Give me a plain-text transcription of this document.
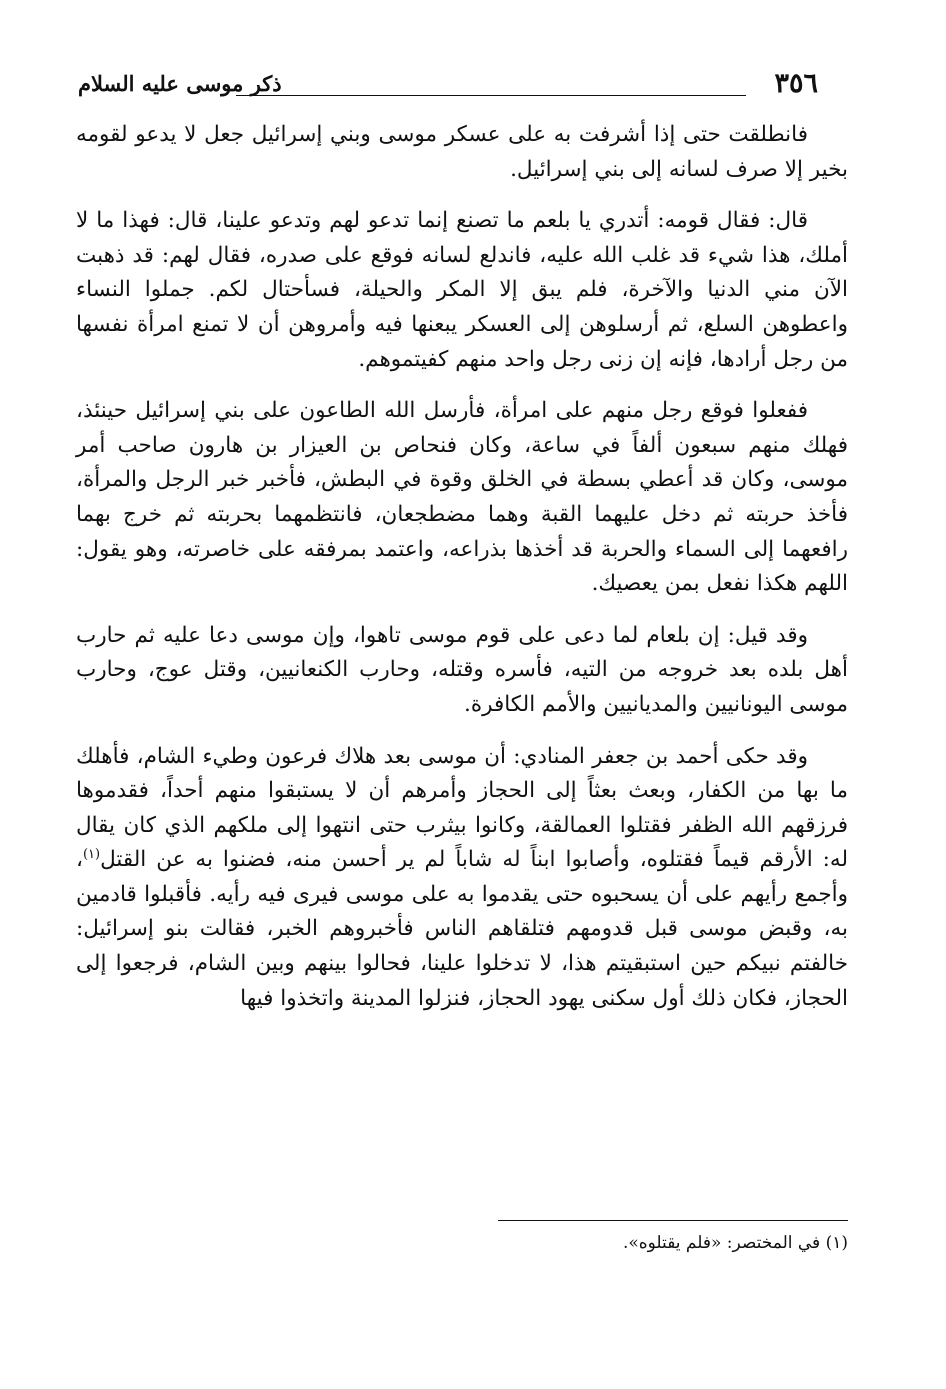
٣٥٦
ذكر موسى عليه السلام

فانطلقت حتى إذا أشرفت به على عسكر موسى وبني إسرائيل جعل لا يدعو لقومه بخير إلا صرف لسانه إلى بني إسرائيل.

قال: فقال قومه: أتدري يا بلعم ما تصنع إنما تدعو لهم وتدعو علينا، قال: فهذا ما لا أملك، هذا شيء قد غلب الله عليه، فاندلع لسانه فوقع على صدره، فقال لهم: قد ذهبت الآن مني الدنيا والآخرة، فلم يبق إلا المكر والحيلة، فسأحتال لكم. جملوا النساء واعطوهن السلع، ثم أرسلوهن إلى العسكر يبعنها فيه وأمروهن أن لا تمنع امرأة نفسها من رجل أرادها، فإنه إن زنى رجل واحد منهم كفيتموهم.

ففعلوا فوقع رجل منهم على امرأة، فأرسل الله الطاعون على بني إسرائيل حينئذ، فهلك منهم سبعون ألفاً في ساعة، وكان فنحاص بن العيزار بن هارون صاحب أمر موسى، وكان قد أعطي بسطة في الخلق وقوة في البطش، فأخبر خبر الرجل والمرأة، فأخذ حربته ثم دخل عليهما القبة وهما مضطجعان، فانتظمهما بحربته ثم خرج بهما رافعهما إلى السماء والحربة قد أخذها بذراعه، واعتمد بمرفقه على خاصرته، وهو يقول: اللهم هكذا نفعل بمن يعصيك.

وقد قيل: إن بلعام لما دعى على قوم موسى تاهوا، وإن موسى دعا عليه ثم حارب أهل بلده بعد خروجه من التيه، فأسره وقتله، وحارب الكنعانيين، وقتل عوج، وحارب موسى اليونانيين والمديانيين والأمم الكافرة.

وقد حكى أحمد بن جعفر المنادي: أن موسى بعد هلاك فرعون وطيء الشام، فأهلك ما بها من الكفار، وبعث بعثاً إلى الحجاز وأمرهم أن لا يستبقوا منهم أحداً، فقدموها فرزقهم الله الظفر فقتلوا العمالقة، وكانوا بيثرب حتى انتهوا إلى ملكهم الذي كان يقال له: الأرقم قيماً فقتلوه، وأصابوا ابناً له شاباً لم ير أحسن منه، فضنوا به عن القتل$^{(١)}$، وأجمع رأيهم على أن يسحبوه حتى يقدموا به على موسى فيرى فيه رأيه. فأقبلوا قادمين به، وقبض موسى قبل قدومهم فتلقاهم الناس فأخبروهم الخبر، فقالت بنو إسرائيل: خالفتم نبيكم حين استبقيتم هذا، لا تدخلوا علينا، فحالوا بينهم وبين الشام، فرجعوا إلى الحجاز، فكان ذلك أول سكنى يهود الحجاز، فنزلوا المدينة واتخذوا فيها

(١) في المختصر: «فلم يقتلوه».
